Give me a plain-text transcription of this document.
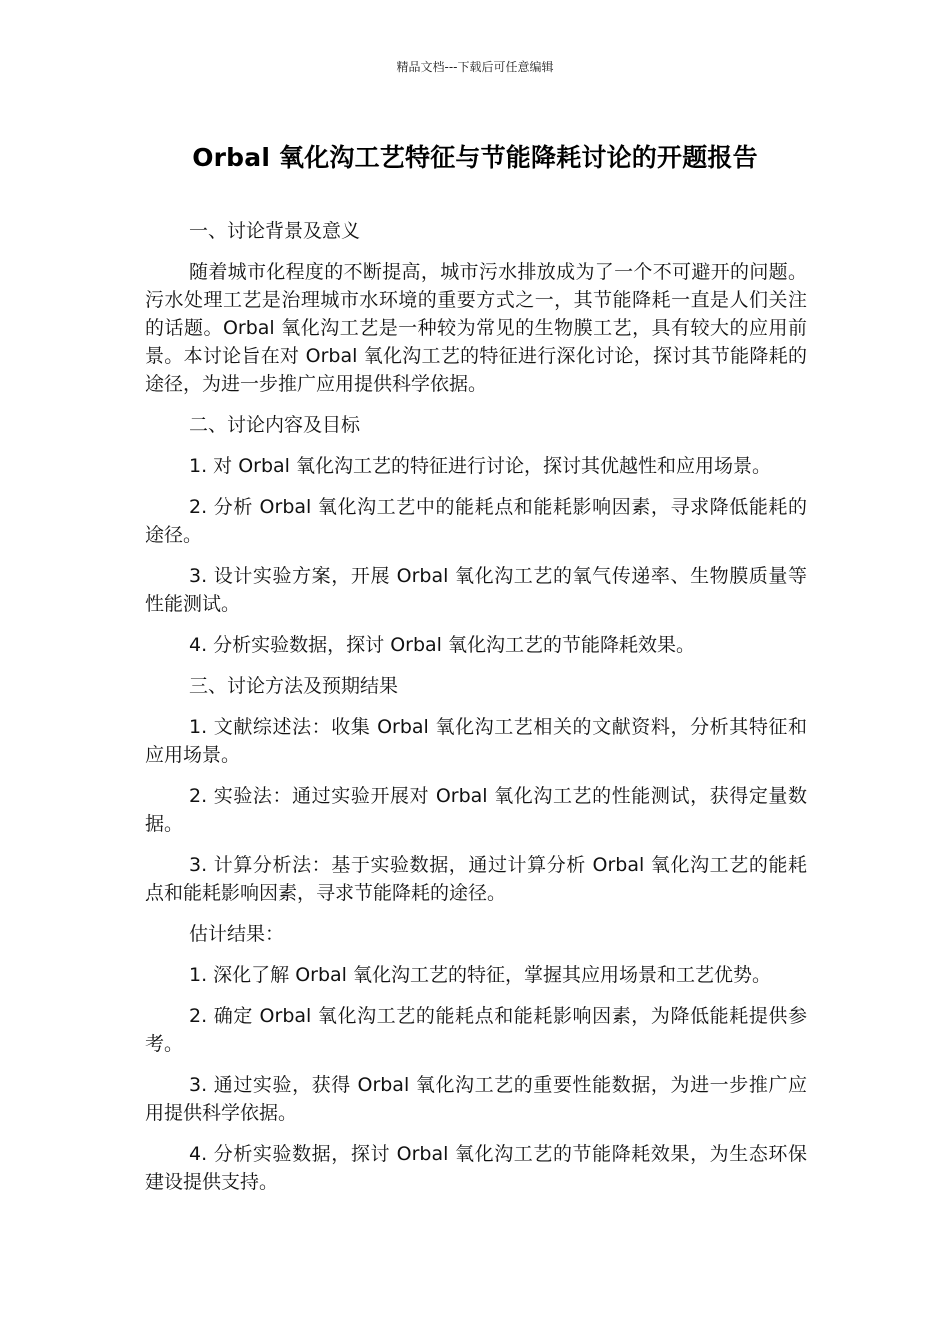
精品文档---下载后可任意编辑
Orbal 氧化沟工艺特征与节能降耗讨论的开题报告

一、讨论背景及意义

随着城市化程度的不断提高，城市污水排放成为了一个不可避开的问题。污水处理工艺是治理城市水环境的重要方式之一，其节能降耗一直是人们关注的话题。Orbal 氧化沟工艺是一种较为常见的生物膜工艺，具有较大的应用前景。本讨论旨在对 Orbal 氧化沟工艺的特征进行深化讨论，探讨其节能降耗的途径，为进一步推广应用提供科学依据。

二、讨论内容及目标

1. 对 Orbal 氧化沟工艺的特征进行讨论，探讨其优越性和应用场景。

2. 分析 Orbal 氧化沟工艺中的能耗点和能耗影响因素，寻求降低能耗的途径。

3. 设计实验方案，开展 Orbal 氧化沟工艺的氧气传递率、生物膜质量等性能测试。

4. 分析实验数据，探讨 Orbal 氧化沟工艺的节能降耗效果。

三、讨论方法及预期结果

1. 文献综述法：收集 Orbal 氧化沟工艺相关的文献资料，分析其特征和应用场景。

2. 实验法：通过实验开展对 Orbal 氧化沟工艺的性能测试，获得定量数据。

3. 计算分析法：基于实验数据，通过计算分析 Orbal 氧化沟工艺的能耗点和能耗影响因素，寻求节能降耗的途径。

估计结果：

1. 深化了解 Orbal 氧化沟工艺的特征，掌握其应用场景和工艺优势。

2. 确定 Orbal 氧化沟工艺的能耗点和能耗影响因素，为降低能耗提供参考。

3. 通过实验，获得 Orbal 氧化沟工艺的重要性能数据，为进一步推广应用提供科学依据。

4. 分析实验数据，探讨 Orbal 氧化沟工艺的节能降耗效果，为生态环保建设提供支持。
